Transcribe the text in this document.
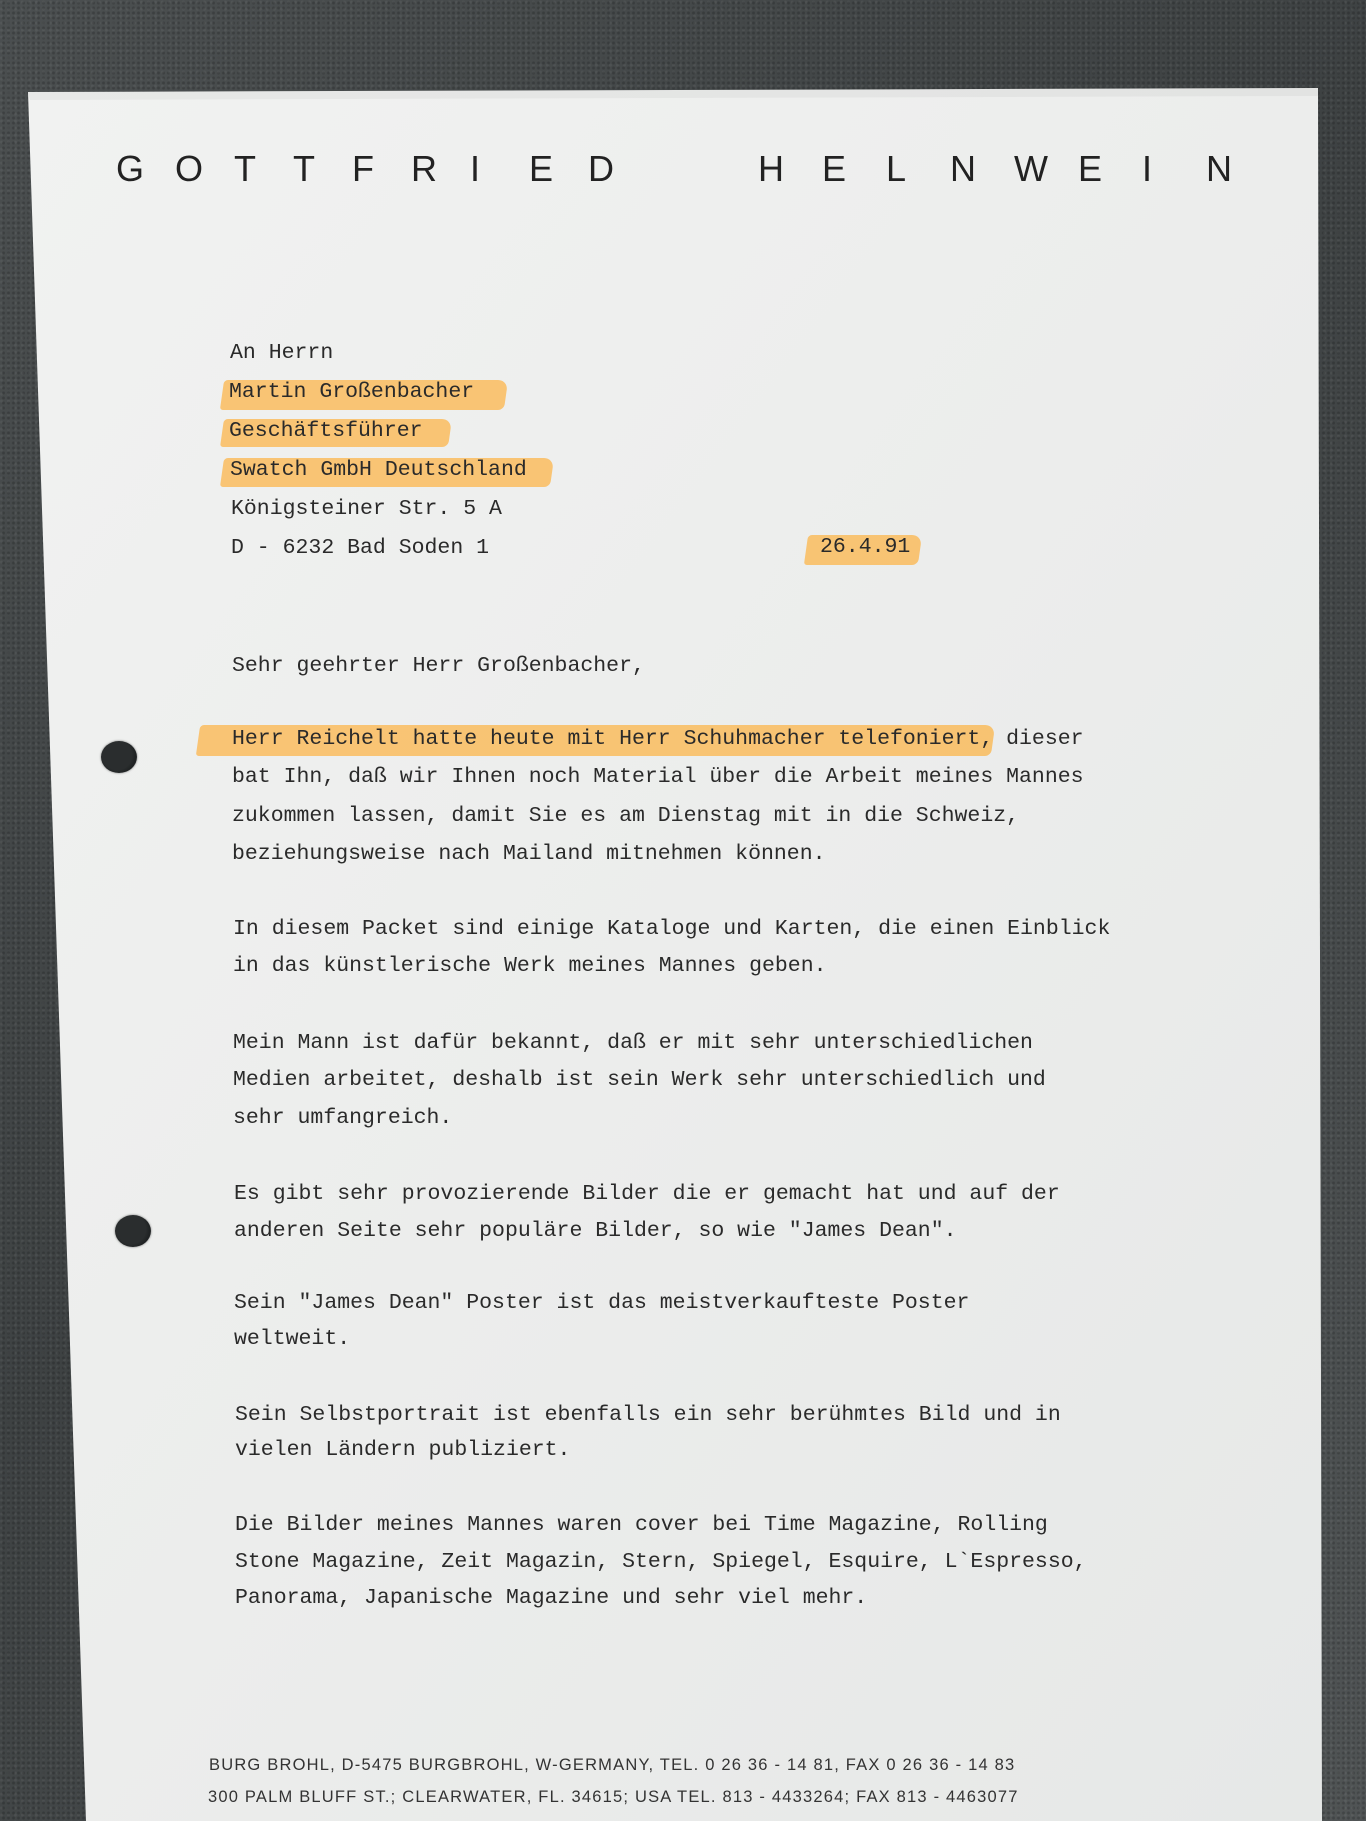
G O T T F R I E D	H E L N W E I N
An Herrn
Martin Großenbacher
Geschäftsführer
Swatch GmbH Deutschland
Königsteiner Str. 5 A
D - 6232 Bad Soden 1	26.4.91
Sehr geehrter Herr Großenbacher,
Herr Reichelt hatte heute mit Herr Schuhmacher telefoniert, dieser
bat Ihn, daß wir Ihnen noch Material über die Arbeit meines Mannes
zukommen lassen, damit Sie es am Dienstag mit in die Schweiz,
beziehungsweise nach Mailand mitnehmen können.
In diesem Packet sind einige Kataloge und Karten, die einen Einblick
in das künstlerische Werk meines Mannes geben.
Mein Mann ist dafür bekannt, daß er mit sehr unterschiedlichen
Medien arbeitet, deshalb ist sein Werk sehr unterschiedlich und
sehr umfangreich.
Es gibt sehr provozierende Bilder die er gemacht hat und auf der
anderen Seite sehr populäre Bilder, so wie "James Dean".
Sein "James Dean" Poster ist das meistverkaufteste Poster
weltweit.
Sein Selbstportrait ist ebenfalls ein sehr berühmtes Bild und in
vielen Ländern publiziert.
Die Bilder meines Mannes waren cover bei Time Magazine, Rolling
Stone Magazine, Zeit Magazin, Stern, Spiegel, Esquire, L`Espresso,
Panorama, Japanische Magazine und sehr viel mehr.
BURG BROHL, D-5475 BURGBROHL, W-GERMANY, TEL. 0 26 36 - 14 81, FAX 0 26 36 - 14 83
300 PALM BLUFF ST.; CLEARWATER, FL. 34615; USA TEL. 813 - 4433264; FAX 813 - 4463077
